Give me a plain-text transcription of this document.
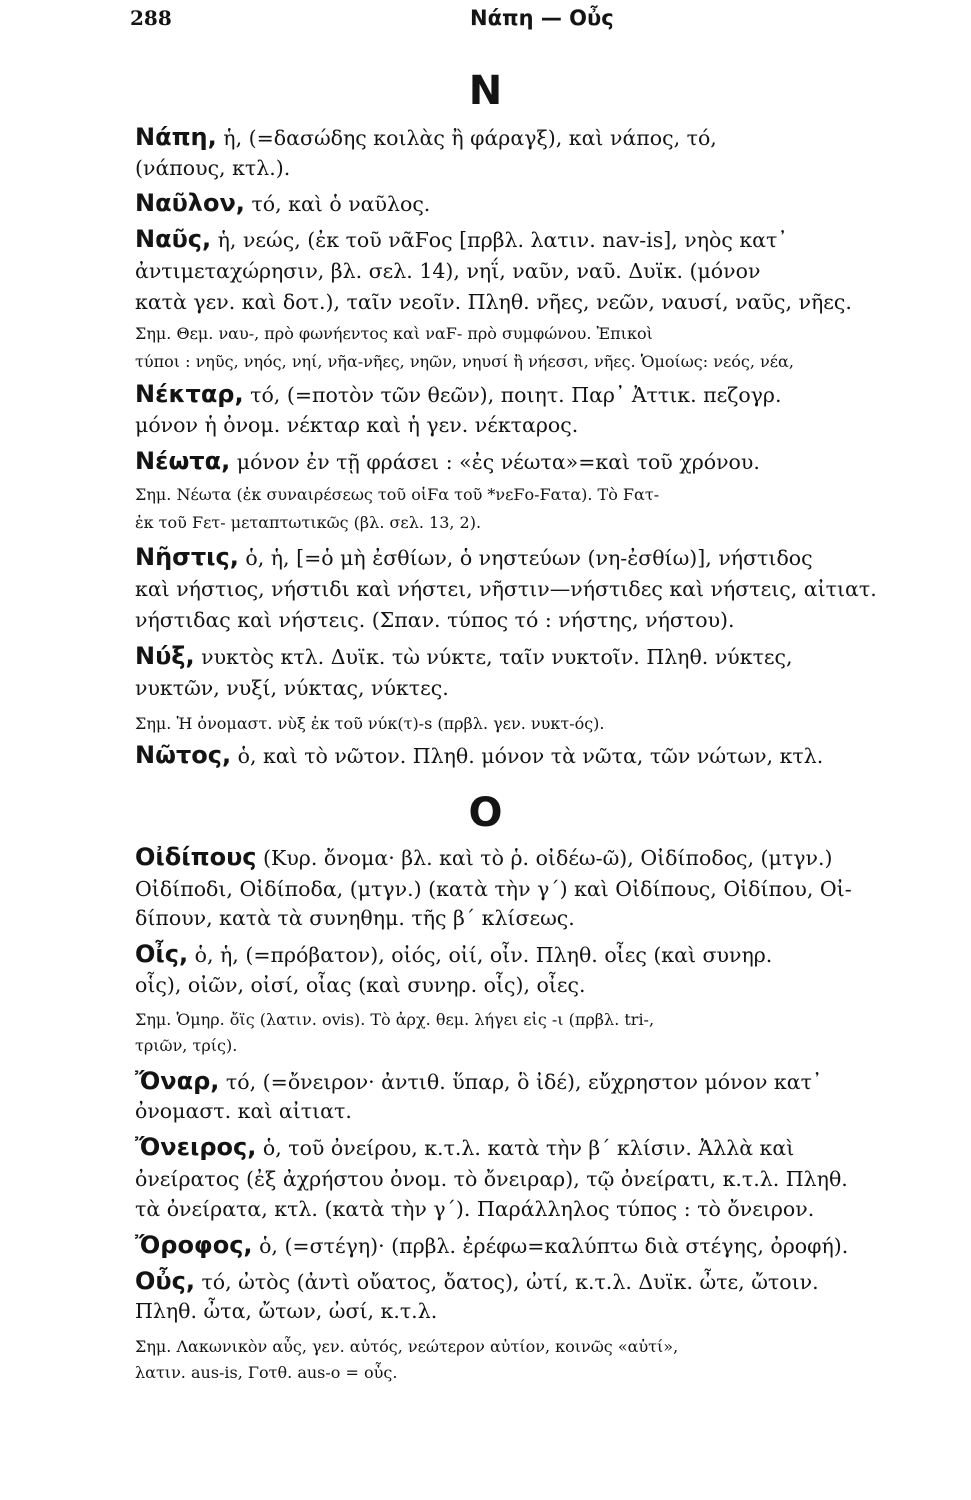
288	Νάπη — Οὖς
Ν
Νάπη, ἡ, (=δασώδης κοιλὰς ἢ φάραγξ), καὶ νάπος, τό,
(νάπους, κτλ.).
Ναῦλον, τό, καὶ ὁ ναῦλος.
Ναῦς, ἡ, νεώς, (ἐκ τοῦ νᾶϜος [πρβλ. λατιν. nav-is], νηὸς κατ᾽
ἀντιμεταχώρησιν, βλ. σελ. 14), νηΐ, ναῦν, ναῦ. Δυϊκ. (μόνον
κατὰ γεν. καὶ δοτ.), ταῖν νεοῖν. Πληθ. νῆες, νεῶν, ναυσί, ναῦς, νῆες.
Σημ. Θεμ. ναυ-, πρὸ φωνήεντος καὶ ναϜ- πρὸ συμφώνου. Ἐπικοὶ
τύποι : νηῦς, νηός, νηί, νῆα-νῆες, νηῶν, νηυσί ἢ νήεσσι, νῆες. Ὁμοίως: νεός, νέα,
Νέκταρ, τό, (=ποτὸν τῶν θεῶν), ποιητ. Παρ᾽ Ἀττικ. πεζογρ.
μόνον ἡ ὀνομ. νέκταρ καὶ ἡ γεν. νέκταρος.
Νέωτα, μόνον ἐν τῇ φράσει : «ἐς νέωτα»=καὶ τοῦ χρόνου.
Σημ. Νέωτα (ἐκ συναιρέσεως τοῦ οἱϜα τοῦ *νεϜο-Ϝατα). Τὸ Ϝατ-
ἐκ τοῦ Ϝετ- μεταπτωτικῶς (βλ. σελ. 13, 2).
Νῆστις, ὁ, ἡ, [=ὁ μὴ ἐσθίων, ὁ νηστεύων (νη-ἐσθίω)], νήστιδος
καὶ νήστιος, νήστιδι καὶ νήστει, νῆστιν—νήστιδες καὶ νήστεις, αἰτιατ.
νήστιδας καὶ νήστεις. (Σπαν. τύπος τό : νήστης, νήστου).
Νύξ, νυκτὸς κτλ. Δυϊκ. τὼ νύκτε, ταῖν νυκτοῖν. Πληθ. νύκτες,
νυκτῶν, νυξί, νύκτας, νύκτες.
Σημ. Ἡ ὀνομαστ. νὺξ ἐκ τοῦ νύκ(τ)-s (πρβλ. γεν. νυκτ-ός).
Νῶτος, ὁ, καὶ τὸ νῶτον. Πληθ. μόνον τὰ νῶτα, τῶν νώτων, κτλ.
Ο
Οἰδίπους (Κυρ. ὄνομα· βλ. καὶ τὸ ῥ. οἰδέω-ῶ), Οἰδίποδος, (μτγν.)
Οἰδίποδι, Οἰδίποδα, (μτγν.) (κατὰ τὴν γ΄) καὶ Οἰδίπους, Οἰδίπου, Οἰ-
δίπουν, κατὰ τὰ συνηθημ. τῆς β΄ κλίσεως.
Οἶς, ὁ, ἡ, (=πρόβατον), οἰός, οἰί, οἶν. Πληθ. οἶες (καὶ συνηρ.
οἷς), οἰῶν, οἰσί, οἶας (καὶ συνηρ. οἷς), οἶες.
Σημ. Ὁμηρ. ὄϊς (λατιν. ovis). Τὸ ἀρχ. θεμ. λήγει εἰς -ι (πρβλ. tri-,
τριῶν, τρίς).
Ὄναρ, τό, (=ὄνειρον· ἀντιθ. ὕπαρ, ὃ ἰδέ), εὔχρηστον μόνον κατ᾽
ὀνομαστ. καὶ αἰτιατ.
Ὄνειρος, ὁ, τοῦ ὀνείρου, κ.τ.λ. κατὰ τὴν β΄ κλίσιν. Ἀλλὰ καὶ
ὀνείρατος (ἐξ ἀχρήστου ὀνομ. τὸ ὄνειραρ), τῷ ὀνείρατι, κ.τ.λ. Πληθ.
τὰ ὀνείρατα, κτλ. (κατὰ τὴν γ΄). Παράλληλος τύπος : τὸ ὄνειρον.
Ὄροφος, ὁ, (=στέγη)· (πρβλ. ἐρέφω=καλύπτω διὰ στέγης, ὀροφή).
Οὖς, τό, ὠτὸς (ἀντὶ οὔατος, ὄατος), ὠτί, κ.τ.λ. Δυϊκ. ὦτε, ὤτοιν.
Πληθ. ὦτα, ὤτων, ὠσί, κ.τ.λ.
Σημ. Λακωνικὸν αὖς, γεν. αὐτός, νεώτερον αὐτίον, κοινῶς «αὐτί»,
λατιν. aus-is, Γοτθ. aus-o = οὖς.
